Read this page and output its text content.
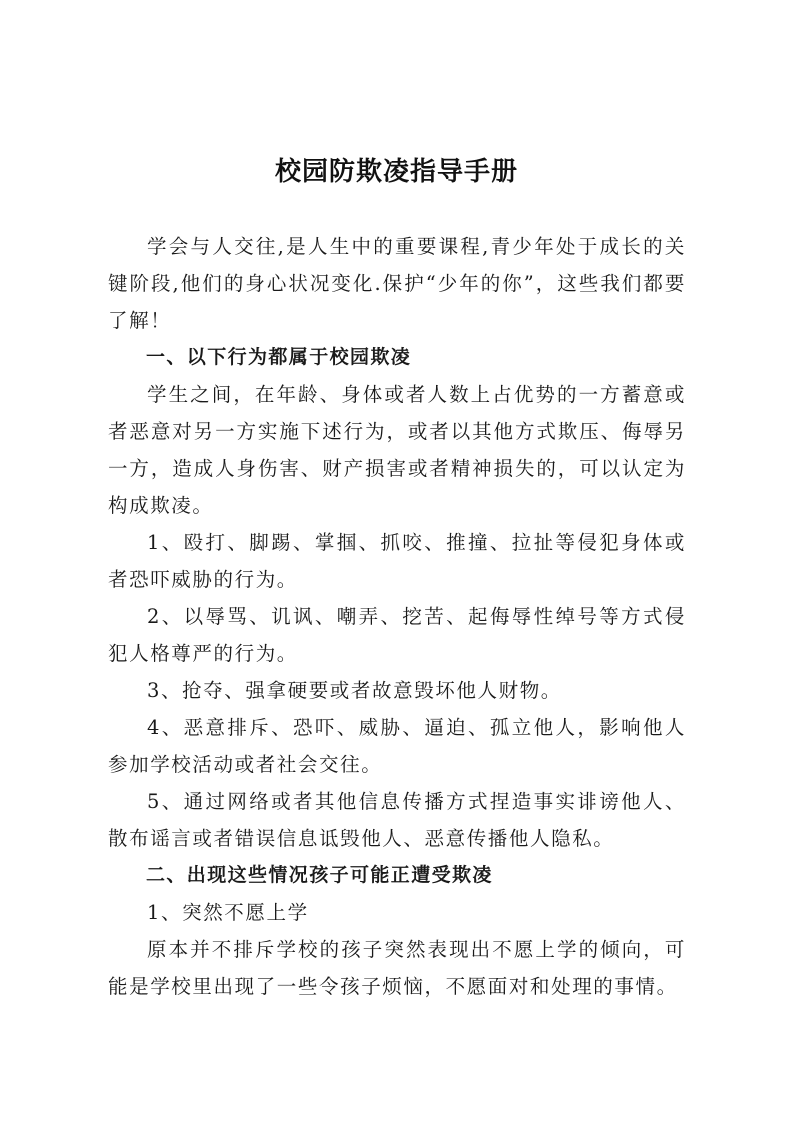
校园防欺凌指导手册

学会与人交往,是人生中的重要课程,青少年处于成长的关键阶段,他们的身心状况变化.保护“少年的你”，这些我们都要了解！

一、以下行为都属于校园欺凌

学生之间，在年龄、身体或者人数上占优势的一方蓄意或者恶意对另一方实施下述行为，或者以其他方式欺压、侮辱另一方，造成人身伤害、财产损害或者精神损失的，可以认定为构成欺凌。

1、殴打、脚踢、掌掴、抓咬、推撞、拉扯等侵犯身体或者恐吓威胁的行为。

2、以辱骂、讥讽、嘲弄、挖苦、起侮辱性绰号等方式侵犯人格尊严的行为。

3、抢夺、强拿硬要或者故意毁坏他人财物。

4、恶意排斥、恐吓、威胁、逼迫、孤立他人，影响他人参加学校活动或者社会交往。

5、通过网络或者其他信息传播方式捏造事实诽谤他人、散布谣言或者错误信息诋毁他人、恶意传播他人隐私。

二、出现这些情况孩子可能正遭受欺凌

1、突然不愿上学

原本并不排斥学校的孩子突然表现出不愿上学的倾向，可能是学校里出现了一些令孩子烦恼，不愿面对和处理的事情。
